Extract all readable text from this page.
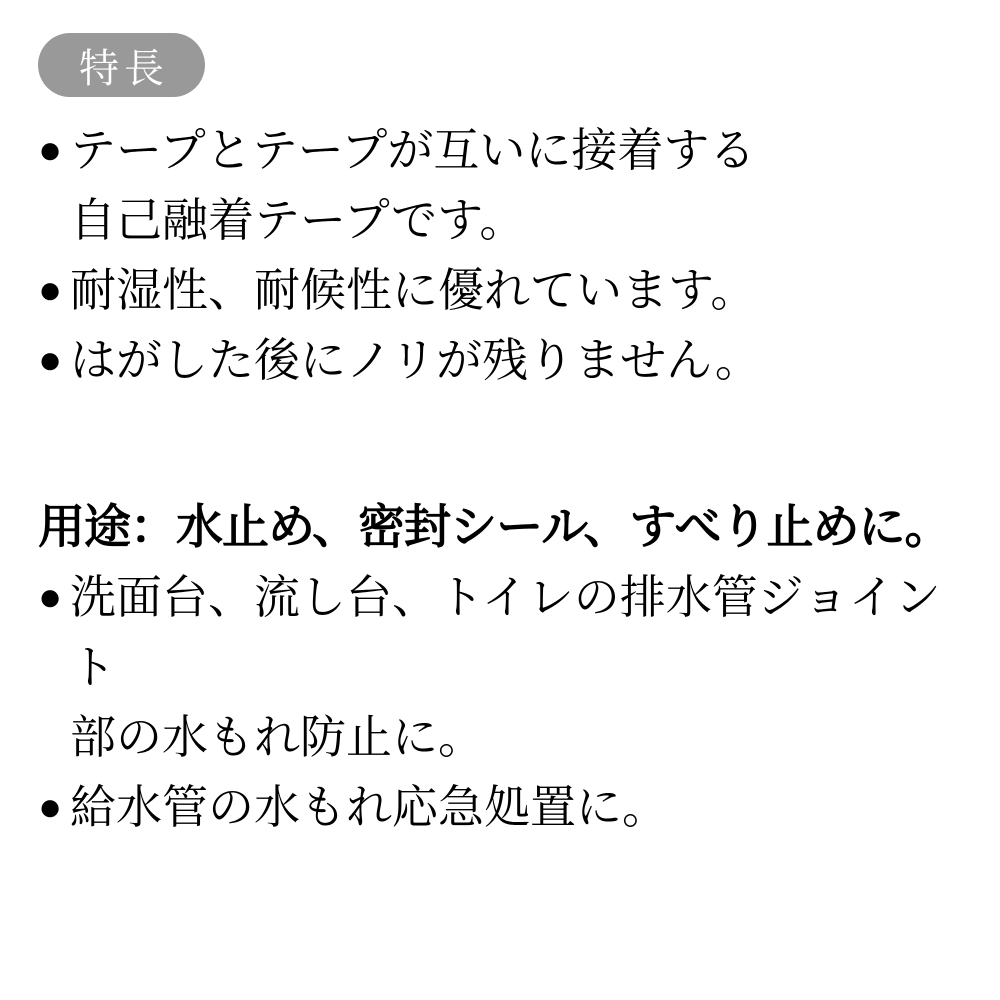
特長
● テープとテープが互いに接着する
自己融着テープです。
● 耐湿性、耐候性に優れています。
● はがした後にノリが残りません。
用途：水止め、密封シール、すべり止めに。
● 洗面台、流し台、トイレの排水管ジョイント
部の水もれ防止に。
● 給水管の水もれ応急処置に。
